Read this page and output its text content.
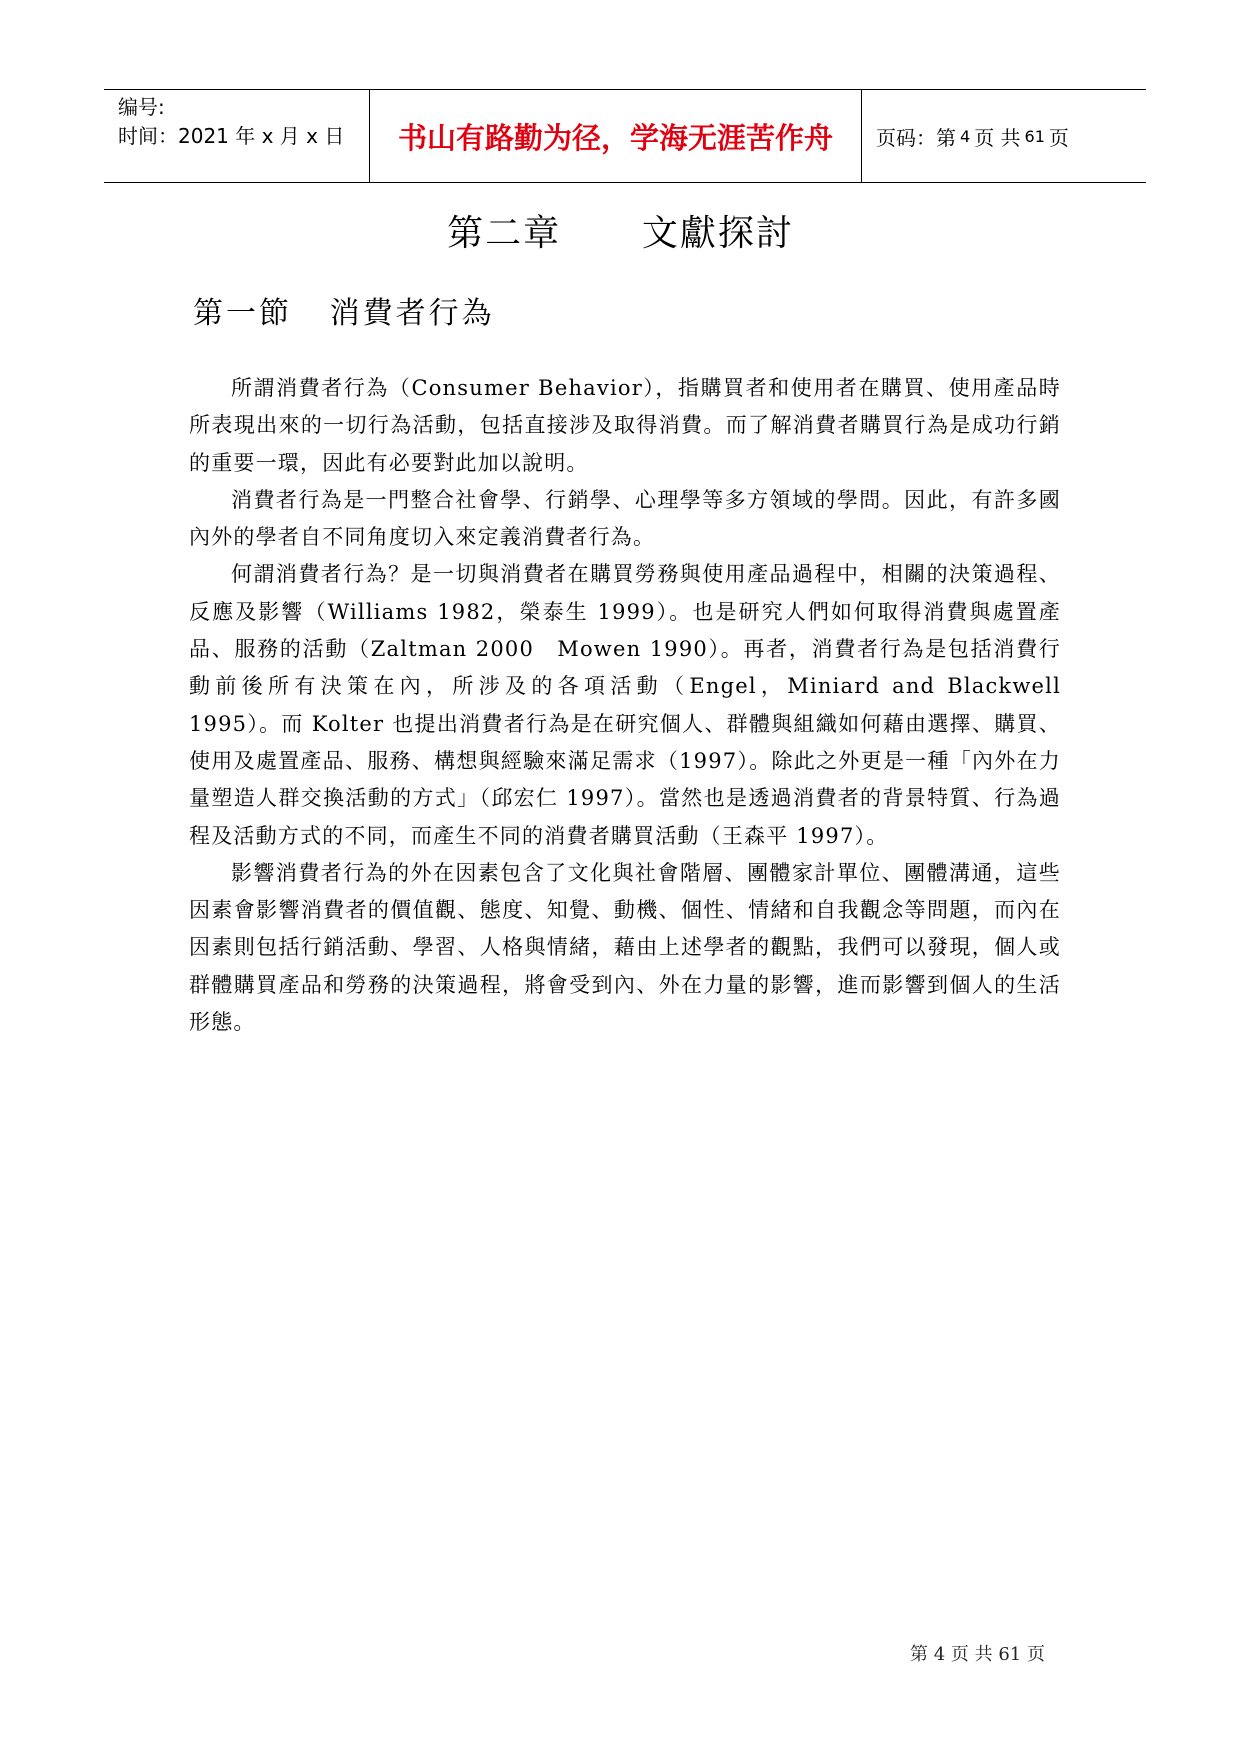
编号:
时间：2021 年 x 月 x 日	书山有路勤为径，学海无涯苦作舟 页码：第 4 页 共 61 页
第二章      文獻探討
第一節   消費者行為

所謂消費者行為（Consumer Behavior），指購買者和使用者在購買、使用產品時所表現出來的一切行為活動，包括直接涉及取得消費。而了解消費者購買行為是成功行銷的重要一環，因此有必要對此加以說明。

消費者行為是一門整合社會學、行銷學、心理學等多方領域的學問。因此，有許多國內外的學者自不同角度切入來定義消費者行為。

何謂消費者行為？是一切與消費者在購買勞務與使用產品過程中，相關的決策過程、反應及影響（Williams 1982，榮泰生 1999）。也是研究人們如何取得消費與處置產品、服務的活動（Zaltman 2000　Mowen 1990）。再者，消費者行為是包括消費行動前後所有決策在內，所涉及的各項活動（Engel，Miniard and Blackwell 1995）。而 Kolter 也提出消費者行為是在研究個人、群體與組織如何藉由選擇、購買、使用及處置產品、服務、構想與經驗來滿足需求（1997）。除此之外更是一種「內外在力量塑造人群交換活動的方式」（邱宏仁 1997）。當然也是透過消費者的背景特質、行為過程及活動方式的不同，而產生不同的消費者購買活動（王森平 1997）。

影響消費者行為的外在因素包含了文化與社會階層、團體家計單位、團體溝通，這些因素會影響消費者的價值觀、態度、知覺、動機、個性、情緒和自我觀念等問題，而內在因素則包括行銷活動、學習、人格與情緒，藉由上述學者的觀點，我們可以發現，個人或群體購買產品和勞務的決策過程，將會受到內、外在力量的影響，進而影響到個人的生活形態。

第 4 页 共 61 页
